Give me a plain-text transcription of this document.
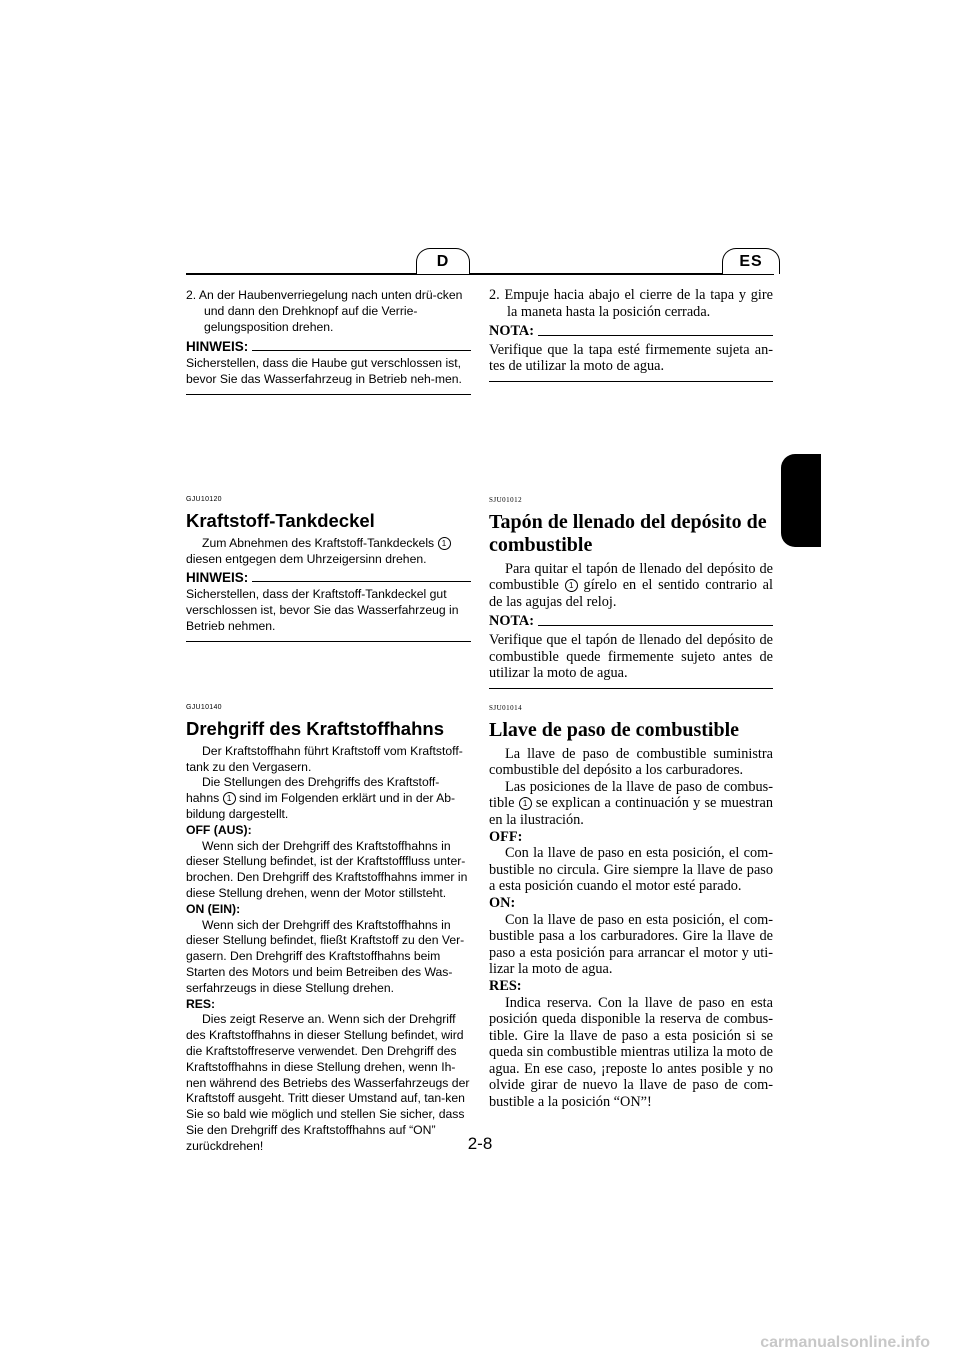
D	ES

2. An der Haubenverriegelung nach unten drü-cken und dann den Drehknopf auf die Verrie-gelungsposition drehen.

HINWEIS:

Sicherstellen, dass die Haube gut verschlossen ist, bevor Sie das Wasserfahrzeug in Betrieb neh-men.

2. Empuje hacia abajo el cierre de la tapa y gire la maneta hasta la posición cerrada.

NOTA:

Verifique que la tapa esté firmemente sujeta an-tes de utilizar la moto de agua.

GJU10120
Kraftstoff-Tankdeckel

Zum Abnehmen des Kraftstoff-Tankdeckels 1 diesen entgegen dem Uhrzeigersinn drehen.

HINWEIS:

Sicherstellen, dass der Kraftstoff-Tankdeckel gut verschlossen ist, bevor Sie das Wasserfahrzeug in Betrieb nehmen.

SJU01012
Tapón de llenado del depósito de combustible

Para quitar el tapón de llenado del depósito de combustible 1 gírelo en el sentido contrario al de las agujas del reloj.

NOTA:

Verifique que el tapón de llenado del depósito de combustible quede firmemente sujeto antes de utilizar la moto de agua.

GJU10140
Drehgriff des Kraftstoffhahns

Der Kraftstoffhahn führt Kraftstoff vom Kraftstoff-tank zu den Vergasern.

Die Stellungen des Drehgriffs des Kraftstoff-hahns 1 sind im Folgenden erklärt und in der Ab-bildung dargestellt.

OFF (AUS):

Wenn sich der Drehgriff des Kraftstoffhahns in dieser Stellung befindet, ist der Kraftstofffluss unter-brochen. Den Drehgriff des Kraftstoffhahns immer in diese Stellung drehen, wenn der Motor stillsteht.

ON (EIN):

Wenn sich der Drehgriff des Kraftstoffhahns in dieser Stellung befindet, fließt Kraftstoff zu den Ver-gasern. Den Drehgriff des Kraftstoffhahns beim Starten des Motors und beim Betreiben des Was-serfahrzeugs in diese Stellung drehen.

RES:

Dies zeigt Reserve an. Wenn sich der Drehgriff des Kraftstoffhahns in dieser Stellung befindet, wird die Kraftstoffreserve verwendet. Den Drehgriff des Kraftstoffhahns in diese Stellung drehen, wenn Ih-nen während des Betriebs des Wasserfahrzeugs der Kraftstoff ausgeht. Tritt dieser Umstand auf, tan-ken Sie so bald wie möglich und stellen Sie sicher, dass Sie den Drehgriff des Kraftstoffhahns auf “ON” zurückdrehen!

SJU01014
Llave de paso de combustible

La llave de paso de combustible suministra combustible del depósito a los carburadores.

Las posiciones de la llave de paso de combus-tible 1 se explican a continuación y se muestran en la ilustración.

OFF:

Con la llave de paso en esta posición, el com-bustible no circula. Gire siempre la llave de paso a esta posición cuando el motor esté parado.

ON:

Con la llave de paso en esta posición, el com-bustible pasa a los carburadores. Gire la llave de paso a esta posición para arrancar el motor y uti-lizar la moto de agua.

RES:

Indica reserva. Con la llave de paso en esta posición queda disponible la reserva de combus-tible. Gire la llave de paso a esta posición si se queda sin combustible mientras utiliza la moto de agua. En ese caso, ¡reposte lo antes posible y no olvide girar de nuevo la llave de paso de com-bustible a la posición “ON”!

2-8
carmanualsonline.info
